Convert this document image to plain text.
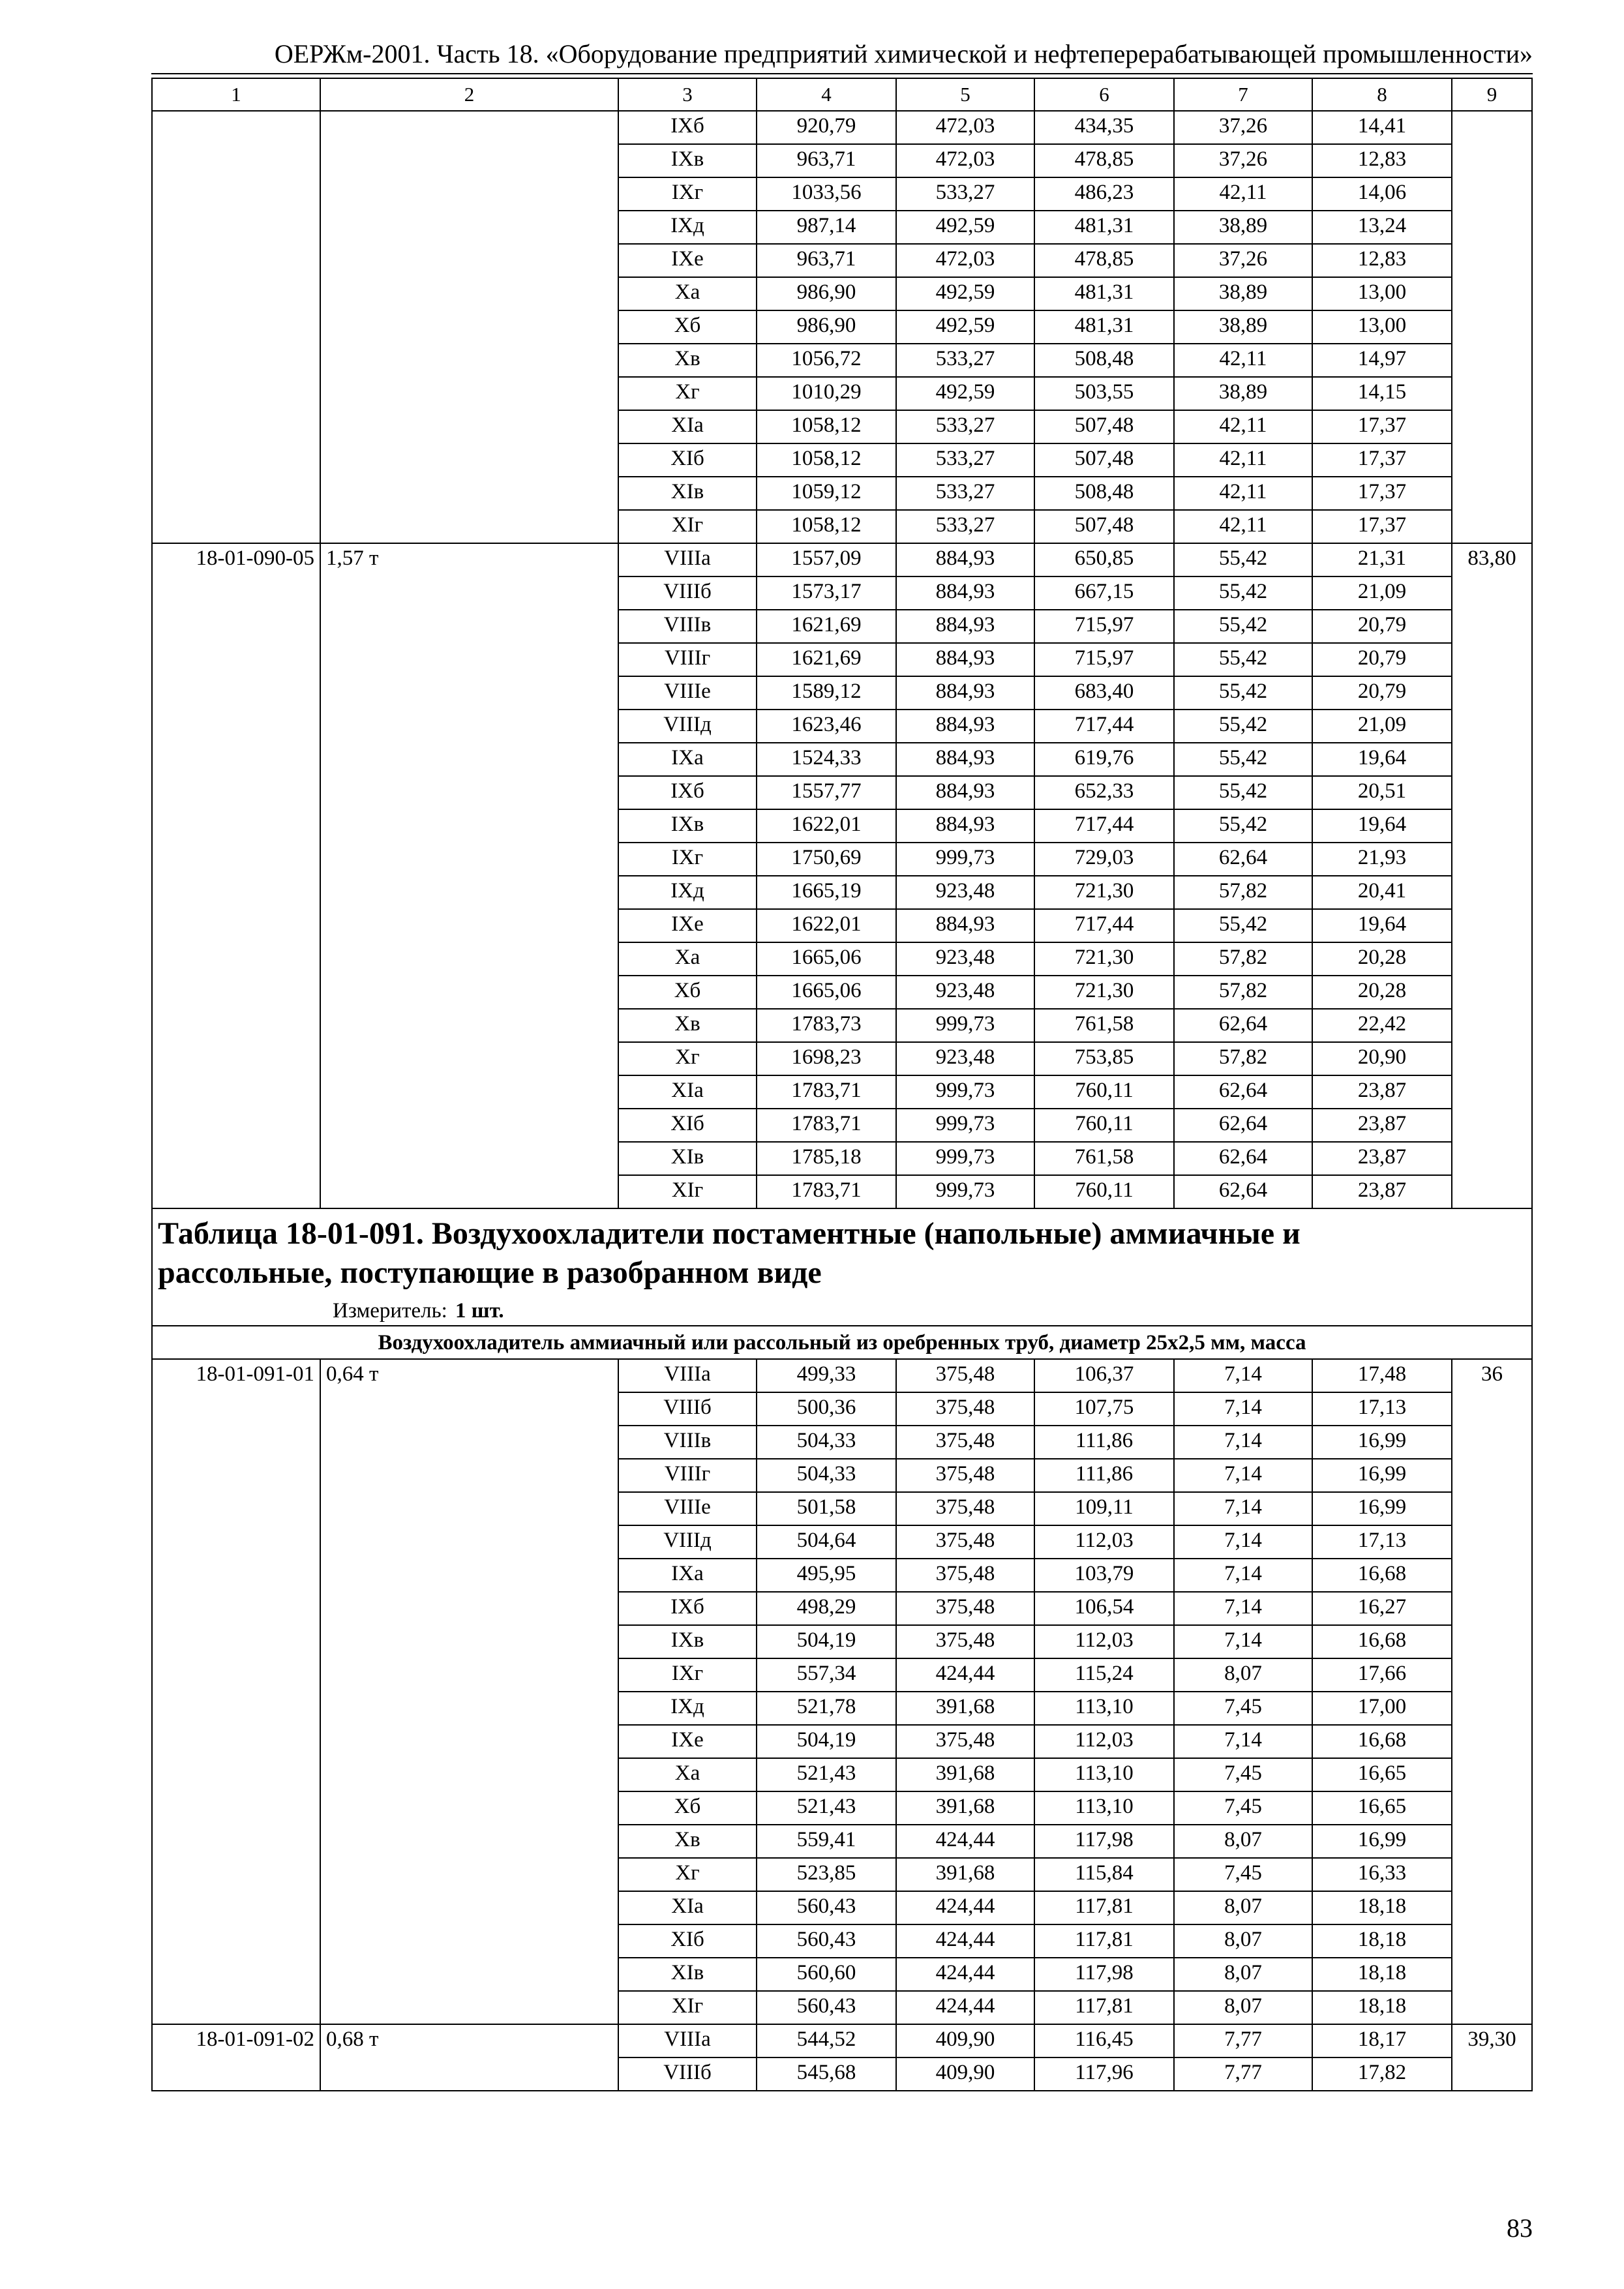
ОЕРЖм-2001. Часть 18. «Оборудование предприятий химической и нефтеперерабатывающей промышленности»
1	2	3	4	5	6	7	8	9
		IXб	920,79	472,03	434,35	37,26	14,41	
		IXв	963,71	472,03	478,85	37,26	12,83	
		IXг	1033,56	533,27	486,23	42,11	14,06	
		IXд	987,14	492,59	481,31	38,89	13,24	
		IXе	963,71	472,03	478,85	37,26	12,83	
		Xа	986,90	492,59	481,31	38,89	13,00	
		Xб	986,90	492,59	481,31	38,89	13,00	
		Xв	1056,72	533,27	508,48	42,11	14,97	
		Xг	1010,29	492,59	503,55	38,89	14,15	
		XIа	1058,12	533,27	507,48	42,11	17,37	
		XIб	1058,12	533,27	507,48	42,11	17,37	
		XIв	1059,12	533,27	508,48	42,11	17,37	
		XIг	1058,12	533,27	507,48	42,11	17,37	
18-01-090-05	1,57 т	VIIIа	1557,09	884,93	650,85	55,42	21,31	83,80
		VIIIб	1573,17	884,93	667,15	55,42	21,09	
		VIIIв	1621,69	884,93	715,97	55,42	20,79	
		VIIIг	1621,69	884,93	715,97	55,42	20,79	
		VIIIе	1589,12	884,93	683,40	55,42	20,79	
		VIIIд	1623,46	884,93	717,44	55,42	21,09	
		IXа	1524,33	884,93	619,76	55,42	19,64	
		IXб	1557,77	884,93	652,33	55,42	20,51	
		IXв	1622,01	884,93	717,44	55,42	19,64	
		IXг	1750,69	999,73	729,03	62,64	21,93	
		IXд	1665,19	923,48	721,30	57,82	20,41	
		IXе	1622,01	884,93	717,44	55,42	19,64	
		Xа	1665,06	923,48	721,30	57,82	20,28	
		Xб	1665,06	923,48	721,30	57,82	20,28	
		Xв	1783,73	999,73	761,58	62,64	22,42	
		Xг	1698,23	923,48	753,85	57,82	20,90	
		XIа	1783,71	999,73	760,11	62,64	23,87	
		XIб	1783,71	999,73	760,11	62,64	23,87	
		XIв	1785,18	999,73	761,58	62,64	23,87	
		XIг	1783,71	999,73	760,11	62,64	23,87	

Таблица 18-01-091. Воздухоохладители постаментные (напольные) аммиачные и
рассольные, поступающие в разобранном виде
Измеритель: 1 шт.								

Воздухоохладитель аммиачный или рассольный из оребренных труб, диаметр 25х2,5 мм, масса								
18-01-091-01	0,64 т	VIIIа	499,33	375,48	106,37	7,14	17,48	36
		VIIIб	500,36	375,48	107,75	7,14	17,13	
		VIIIв	504,33	375,48	111,86	7,14	16,99	
		VIIIг	504,33	375,48	111,86	7,14	16,99	
		VIIIе	501,58	375,48	109,11	7,14	16,99	
		VIIIд	504,64	375,48	112,03	7,14	17,13	
		IXа	495,95	375,48	103,79	7,14	16,68	
		IXб	498,29	375,48	106,54	7,14	16,27	
		IXв	504,19	375,48	112,03	7,14	16,68	
		IXг	557,34	424,44	115,24	8,07	17,66	
		IXд	521,78	391,68	113,10	7,45	17,00	
		IXе	504,19	375,48	112,03	7,14	16,68	
		Xа	521,43	391,68	113,10	7,45	16,65	
		Xб	521,43	391,68	113,10	7,45	16,65	
		Xв	559,41	424,44	117,98	8,07	16,99	
		Xг	523,85	391,68	115,84	7,45	16,33	
		XIа	560,43	424,44	117,81	8,07	18,18	
		XIб	560,43	424,44	117,81	8,07	18,18	
		XIв	560,60	424,44	117,98	8,07	18,18	
		XIг	560,43	424,44	117,81	8,07	18,18	
18-01-091-02	0,68 т	VIIIа	544,52	409,90	116,45	7,77	18,17	39,30
		VIIIб	545,68	409,90	117,96	7,77	17,82	
83
